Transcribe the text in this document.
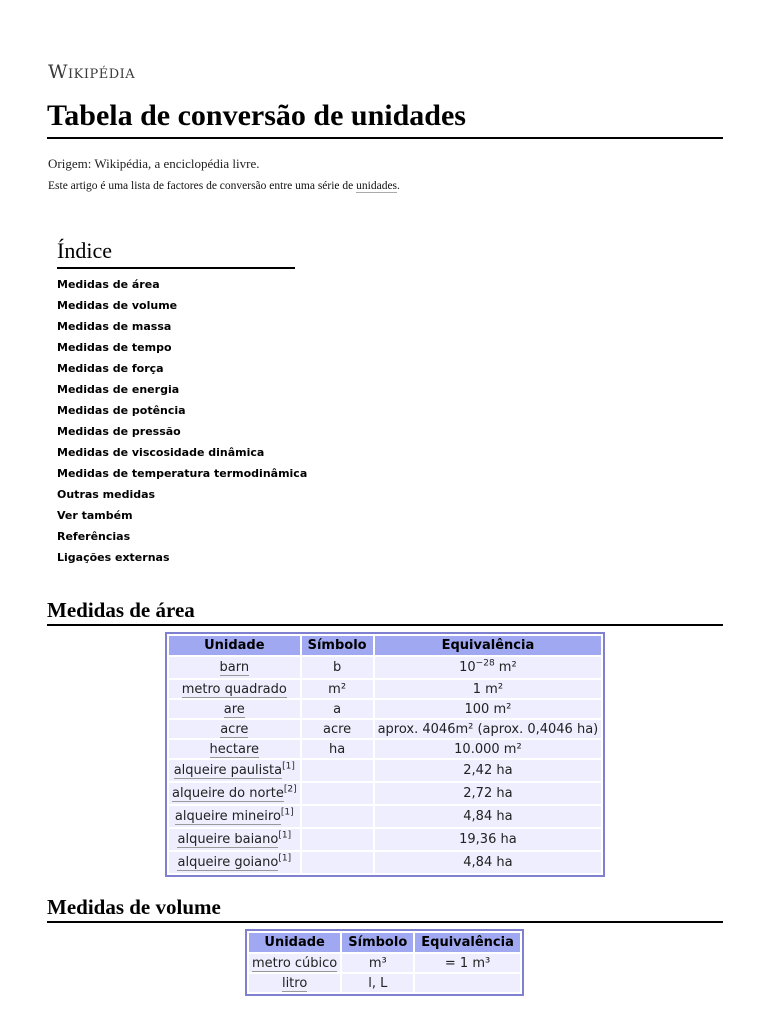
Wikipédia
Tabela de conversão de unidades
Origem: Wikipédia, a enciclopédia livre.
Este artigo é uma lista de factores de conversão entre uma série de unidades.
Índice
Medidas de área
Medidas de volume
Medidas de massa
Medidas de tempo
Medidas de força
Medidas de energia
Medidas de potência
Medidas de pressão
Medidas de viscosidade dinâmica
Medidas de temperatura termodinâmica
Outras medidas
Ver também
Referências
Ligações externas
Medidas de área
Unidade	Símbolo	Equivalência
barn	b	$10^{-28}$ m²
metro quadrado	m²	1 m²
are	a	100 m²
acre	acre	aprox. 4046m² (aprox. 0,4046 ha)
hectare	ha	10.000 m²
alqueire paulista[1]		2,42 ha
alqueire do norte[2]		2,72 ha
alqueire mineiro[1]		4,84 ha
alqueire baiano[1]		19,36 ha
alqueire goiano[1]		4,84 ha
Medidas de volume
Unidade	Símbolo	Equivalência
metro cúbico	m³	= 1 m³
litro	l, L	
